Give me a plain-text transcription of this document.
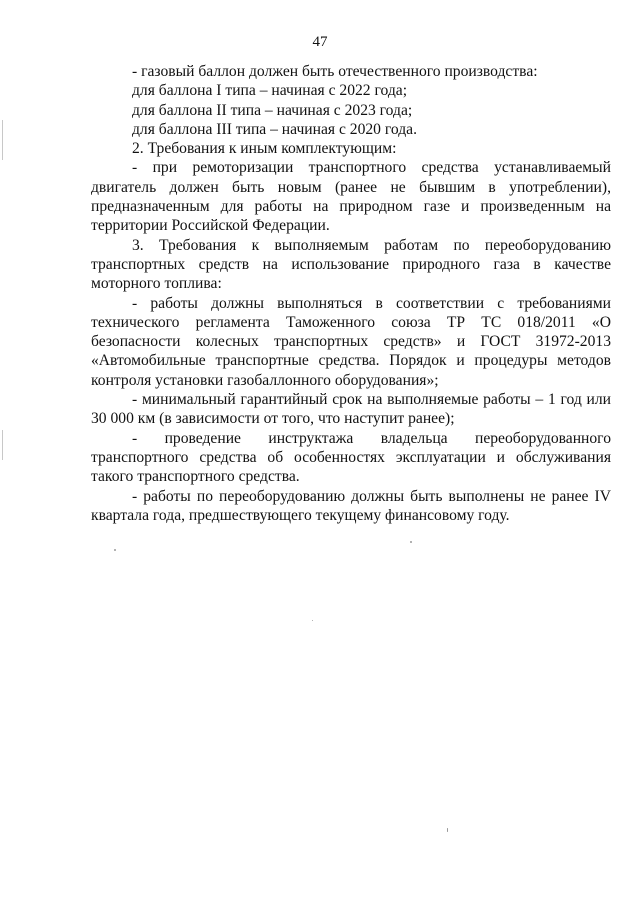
47

- газовый баллон должен быть отечественного производства:

для баллона I типа – начиная с 2022 года;

для баллона II типа – начиная с 2023 года;

для баллона III типа – начиная с 2020 года.

2. Требования к иным комплектующим:

- при ремоторизации транспортного средства устанавливаемый двигатель должен быть новым (ранее не бывшим в употреблении), предназначенным для работы на природном газе и произведенным на территории Российской Федерации.

3. Требования к выполняемым работам по переоборудованию транспортных средств на использование природного газа в качестве моторного топлива:

- работы должны выполняться в соответствии с требованиями технического регламента Таможенного союза ТР ТС 018/2011 «О безопасности колесных транспортных средств» и ГОСТ 31972-2013 «Автомобильные транспортные средства. Порядок и процедуры методов контроля установки газобаллонного оборудования»;

- минимальный гарантийный срок на выполняемые работы – 1 год или 30 000 км (в зависимости от того, что наступит ранее);

- проведение инструктажа владельца переоборудованного транспортного средства об особенностях эксплуатации и обслуживания такого транспортного средства.

- работы по переоборудованию должны быть выполнены не ранее IV квартала года, предшествующего текущему финансовому году.
